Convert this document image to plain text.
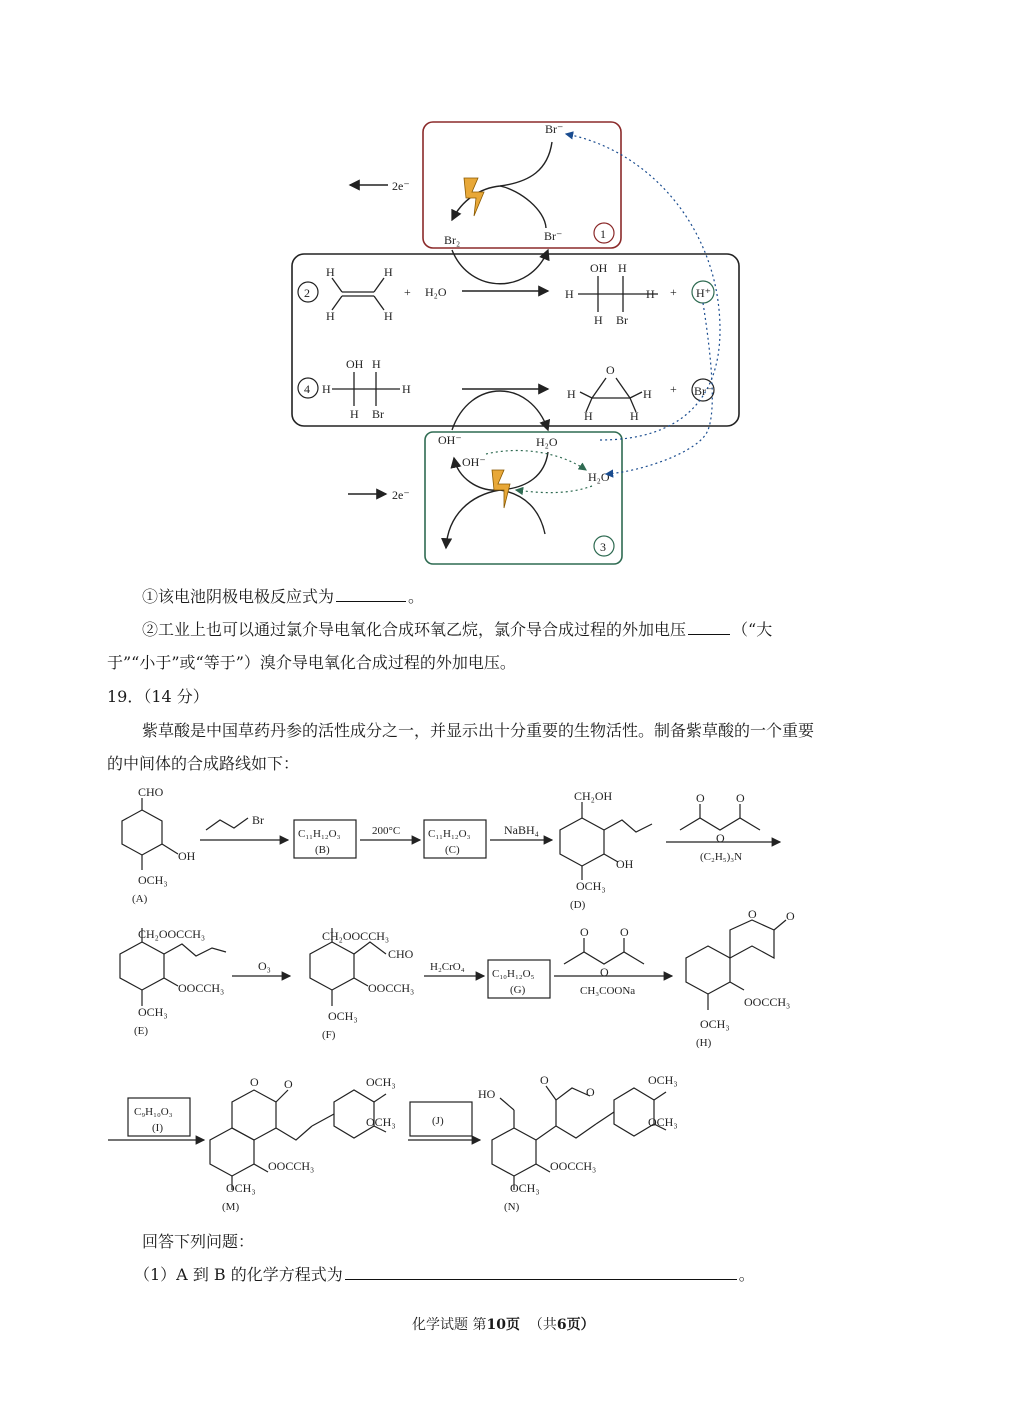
2e⁻
2e⁻
Br⁻
Br₂	Br⁻	1
2
H	H
H	H
+ H₂O
OH H
H	H
H Br
+ H⁺
4
OH H
H	H
H Br
O
H	H
H	H
+ Br⁻
OH⁻	H₂O
OH⁻
H₂O
3
①该电池阴极电极反应式为	。
②工业上也可以通过氯介导电氧化合成环氧乙烷，氯介导合成过程的外加电压	（“大
于”“小于”或“等于”）溴介导电氧化合成过程的外加电压。
19．（14 分）
紫草酸是中国草药丹参的活性成分之一，并显示出十分重要的生物活性。制备紫草酸的一个重要
的中间体的合成路线如下：
CHO
OH
OCH₃
(A)
Br
C₁₁H₁₂O₃
(B)
200°C	C₁₁H₁₂O₃
(C)
NaBH₄
CH₂OH
OH
OCH₃
(D)
O
O
O
(C₂H₅)₃N
CH₂OOCCH₃
OOCCH₃
OCH₃
(E)
O₃
CH₂OOCCH₃
CHO
OOCCH₃
OCH₃
(F)
H₂CrO₄
C₁₀H₁₂O₅
(G)
O
O
O
CH₃COONa
O O
OOCCH₃
OCH₃
(H)
C₉H₁₀O₃
(I)
O O	OCH₃
OCH₃
OOCCH₃
OCH₃
(M)
(J)
HO
O
O
OCH₃
OCH₃
OOCCH₃
OCH₃
(N)
回答下列问题：
（1）A 到 B 的化学方程式为	。
化学试题 第10页 （共6页）
